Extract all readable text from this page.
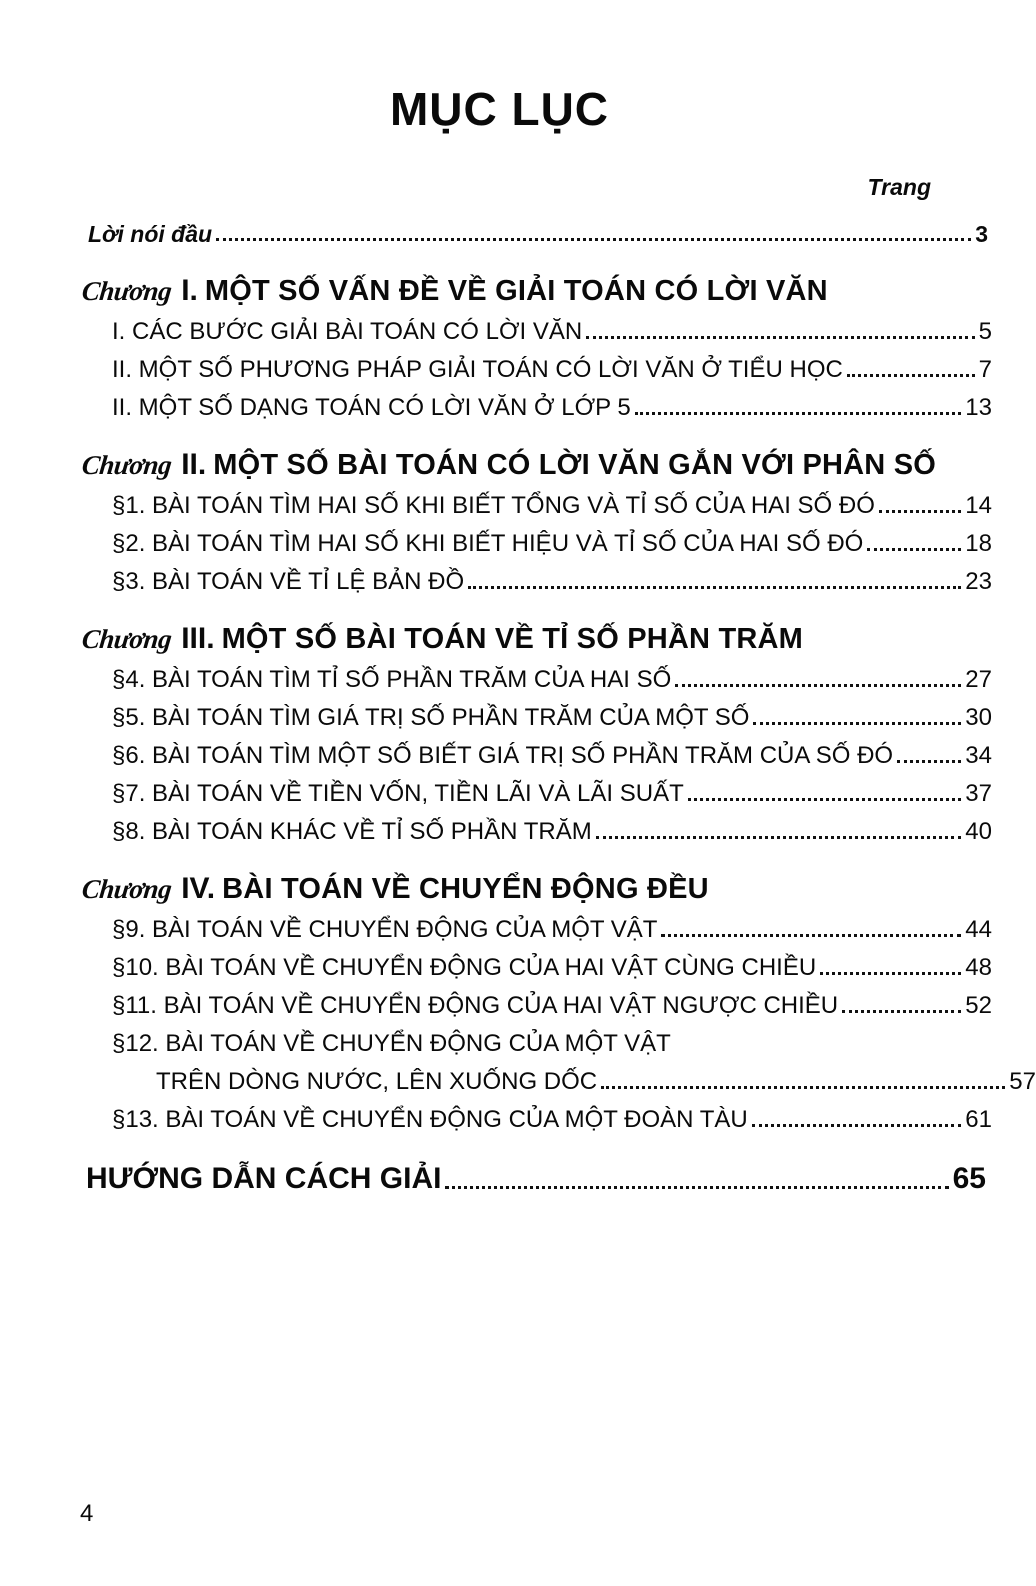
MỤC LỤC
Trang
Lời nói đầu	3
Chương I. MỘT SỐ VẤN ĐỀ VỀ GIẢI TOÁN CÓ LỜI VĂN
I. CÁC BƯỚC GIẢI BÀI TOÁN CÓ LỜI VĂN	5
II. MỘT SỐ PHƯƠNG PHÁP GIẢI TOÁN CÓ LỜI VĂN Ở TIỂU HỌC	7
II. MỘT SỐ DẠNG TOÁN CÓ LỜI VĂN Ở LỚP 5	13
Chương II. MỘT SỐ BÀI TOÁN CÓ LỜI VĂN GẮN VỚI PHÂN SỐ
§1. BÀI TOÁN TÌM HAI SỐ KHI BIẾT TỔNG VÀ TỈ SỐ CỦA HAI SỐ ĐÓ	14
§2. BÀI TOÁN TÌM HAI SỐ KHI BIẾT HIỆU VÀ TỈ SỐ CỦA HAI SỐ ĐÓ	18
§3. BÀI TOÁN VỀ TỈ LỆ BẢN ĐỒ	23
Chương III. MỘT SỐ BÀI TOÁN VỀ TỈ SỐ PHẦN TRĂM
§4. BÀI TOÁN TÌM TỈ SỐ PHẦN TRĂM CỦA HAI SỐ	27
§5. BÀI TOÁN TÌM GIÁ TRỊ SỐ PHẦN TRĂM CỦA MỘT SỐ	30
§6. BÀI TOÁN TÌM MỘT SỐ BIẾT GIÁ TRỊ SỐ PHẦN TRĂM CỦA SỐ ĐÓ	34
§7. BÀI TOÁN VỀ TIỀN VỐN, TIỀN LÃI VÀ LÃI SUẤT	37
§8. BÀI TOÁN KHÁC VỀ TỈ SỐ PHẦN TRĂM	40
Chương IV. BÀI TOÁN VỀ CHUYỂN ĐỘNG ĐỀU
§9. BÀI TOÁN VỀ CHUYỂN ĐỘNG CỦA MỘT VẬT	44
§10. BÀI TOÁN VỀ CHUYỂN ĐỘNG CỦA HAI VẬT CÙNG CHIỀU	48
§11. BÀI TOÁN VỀ CHUYỂN ĐỘNG CỦA HAI VẬT NGƯỢC CHIỀU	52
§12. BÀI TOÁN VỀ CHUYỂN ĐỘNG CỦA MỘT VẬT
TRÊN DÒNG NƯỚC, LÊN XUỐNG DỐC	57
§13. BÀI TOÁN VỀ CHUYỂN ĐỘNG CỦA MỘT ĐOÀN TÀU	61
HƯỚNG DẪN CÁCH GIẢI	65
4
